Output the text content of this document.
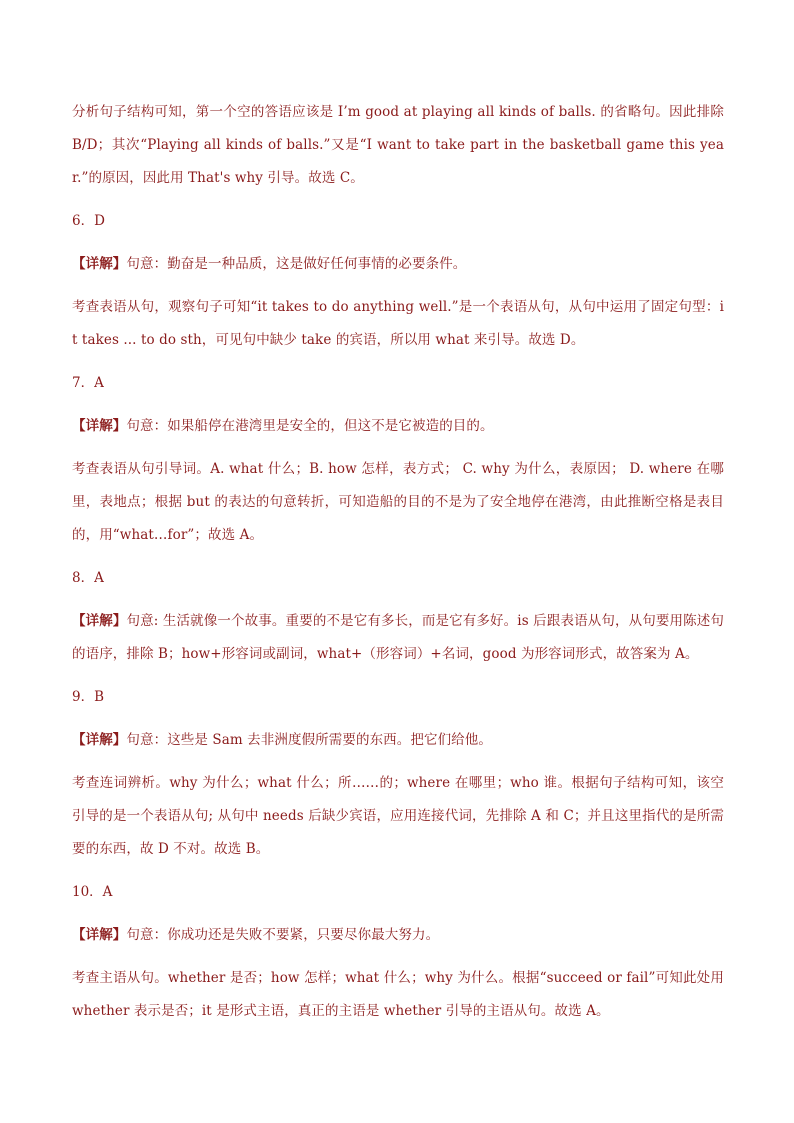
分析句子结构可知，第一个空的答语应该是 I’m good at playing all kinds of balls. 的省略句。因此排除 B/D；其次“Playing all kinds of balls.”又是“I want to take part in the basketball game this year.”的原因，因此用 That's why 引导。故选 C。

6．D

【详解】句意：勤奋是一种品质，这是做好任何事情的必要条件。

考查表语从句，观察句子可知“it takes to do anything well.”是一个表语从句，从句中运用了固定句型：it takes ... to do sth，可见句中缺少 take 的宾语，所以用 what 来引导。故选 D。

7．A

【详解】句意：如果船停在港湾里是安全的，但这不是它被造的目的。

考查表语从句引导词。A. what 什么；B. how 怎样，表方式； C. why 为什么，表原因； D. where 在哪里，表地点；根据 but 的表达的句意转折，可知造船的目的不是为了安全地停在港湾，由此推断空格是表目的，用“what…for”；故选 A。

8．A

【详解】句意: 生活就像一个故事。重要的不是它有多长，而是它有多好。is 后跟表语从句，从句要用陈述句的语序，排除 B；how+形容词或副词，what+（形容词）+名词，good 为形容词形式，故答案为 A。

9．B

【详解】句意：这些是 Sam 去非洲度假所需要的东西。把它们给他。

考查连词辨析。why 为什么；what 什么；所……的；where 在哪里；who 谁。根据句子结构可知，该空引导的是一个表语从句; 从句中 needs 后缺少宾语，应用连接代词，先排除 A 和 C；并且这里指代的是所需要的东西，故 D 不对。故选 B。

10．A

【详解】句意：你成功还是失败不要紧，只要尽你最大努力。

考查主语从句。whether 是否；how 怎样；what 什么；why 为什么。根据“succeed or fail”可知此处用 whether 表示是否；it 是形式主语，真正的主语是 whether 引导的主语从句。故选 A。
